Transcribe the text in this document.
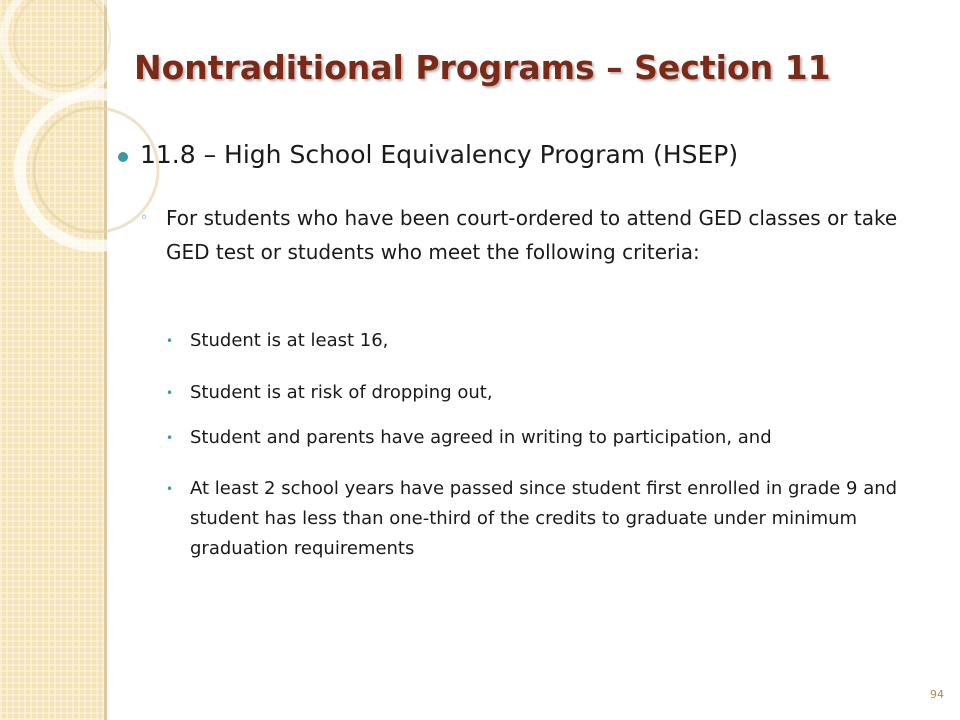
Nontraditional Programs – Section 11
11.8 – High School Equivalency Program (HSEP)
◦ For students who have been court-ordered to attend GED classes or take GED test or students who meet the following criteria:
• Student is at least 16,
• Student is at risk of dropping out,
• Student and parents have agreed in writing to participation, and
• At least 2 school years have passed since student first enrolled in grade 9 and student has less than one-third of the credits to graduate under minimum graduation requirements
94
